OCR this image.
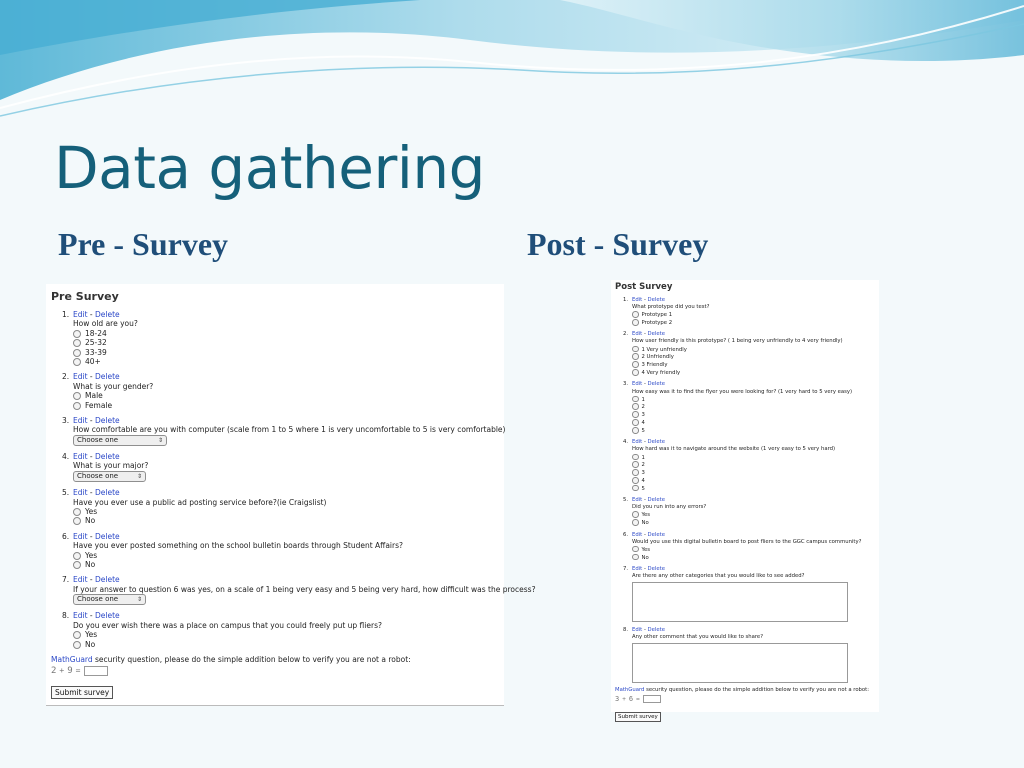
Data gathering
Pre - Survey	Post - Survey
Pre Survey
1. Edit - Delete
How old are you?
18-24
25-32
33-39
40+
2. Edit - Delete
What is your gender?
Male
Female
3. Edit - Delete
How comfortable are you with computer (scale from 1 to 5 where 1 is very uncomfortable to 5 is very comfortable)
Choose one	⇕
4. Edit - Delete
What is your major?
Choose one	⇕
5. Edit - Delete
Have you ever use a public ad posting service before?(ie Craigslist)
Yes
No
6. Edit - Delete
Have you ever posted something on the school bulletin boards through Student Affairs?
Yes
No
7. Edit - Delete
If your answer to question 6 was yes, on a scale of 1 being very easy and 5 being very hard, how difficult was the process?
Choose one	⇕
8. Edit - Delete
Do you ever wish there was a place on campus that you could freely put up fliers?
Yes
No
MathGuard security question, please do the simple addition below to verify you are not a robot:
2 + 9 =
Submit survey
Post Survey
1. Edit - Delete
What prototype did you test?
Prototype 1
Prototype 2
2. Edit - Delete
How user friendly is this prototype? ( 1 being very unfriendly to 4 very friendly)
1 Very unfriendly
2 Unfriendly
3 Friendly
4 Very friendly
3. Edit - Delete
How easy was it to find the flyer you were looking for? (1 very hard to 5 very easy)
1
2
3
4
5
4. Edit - Delete
How hard was it to navigate around the website (1 very easy to 5 very hard)
1
2
3
4
5
5. Edit - Delete
Did you run into any errors?
Yes
No
6. Edit - Delete
Would you use this digital bulletin board to post fliers to the GGC campus community?
Yes
No
7. Edit - Delete
Are there any other categories that you would like to see added?
8. Edit - Delete
Any other comment that you would like to share?
MathGuard security question, please do the simple addition below to verify you are not a robot:
3 + 6 =
Submit survey
